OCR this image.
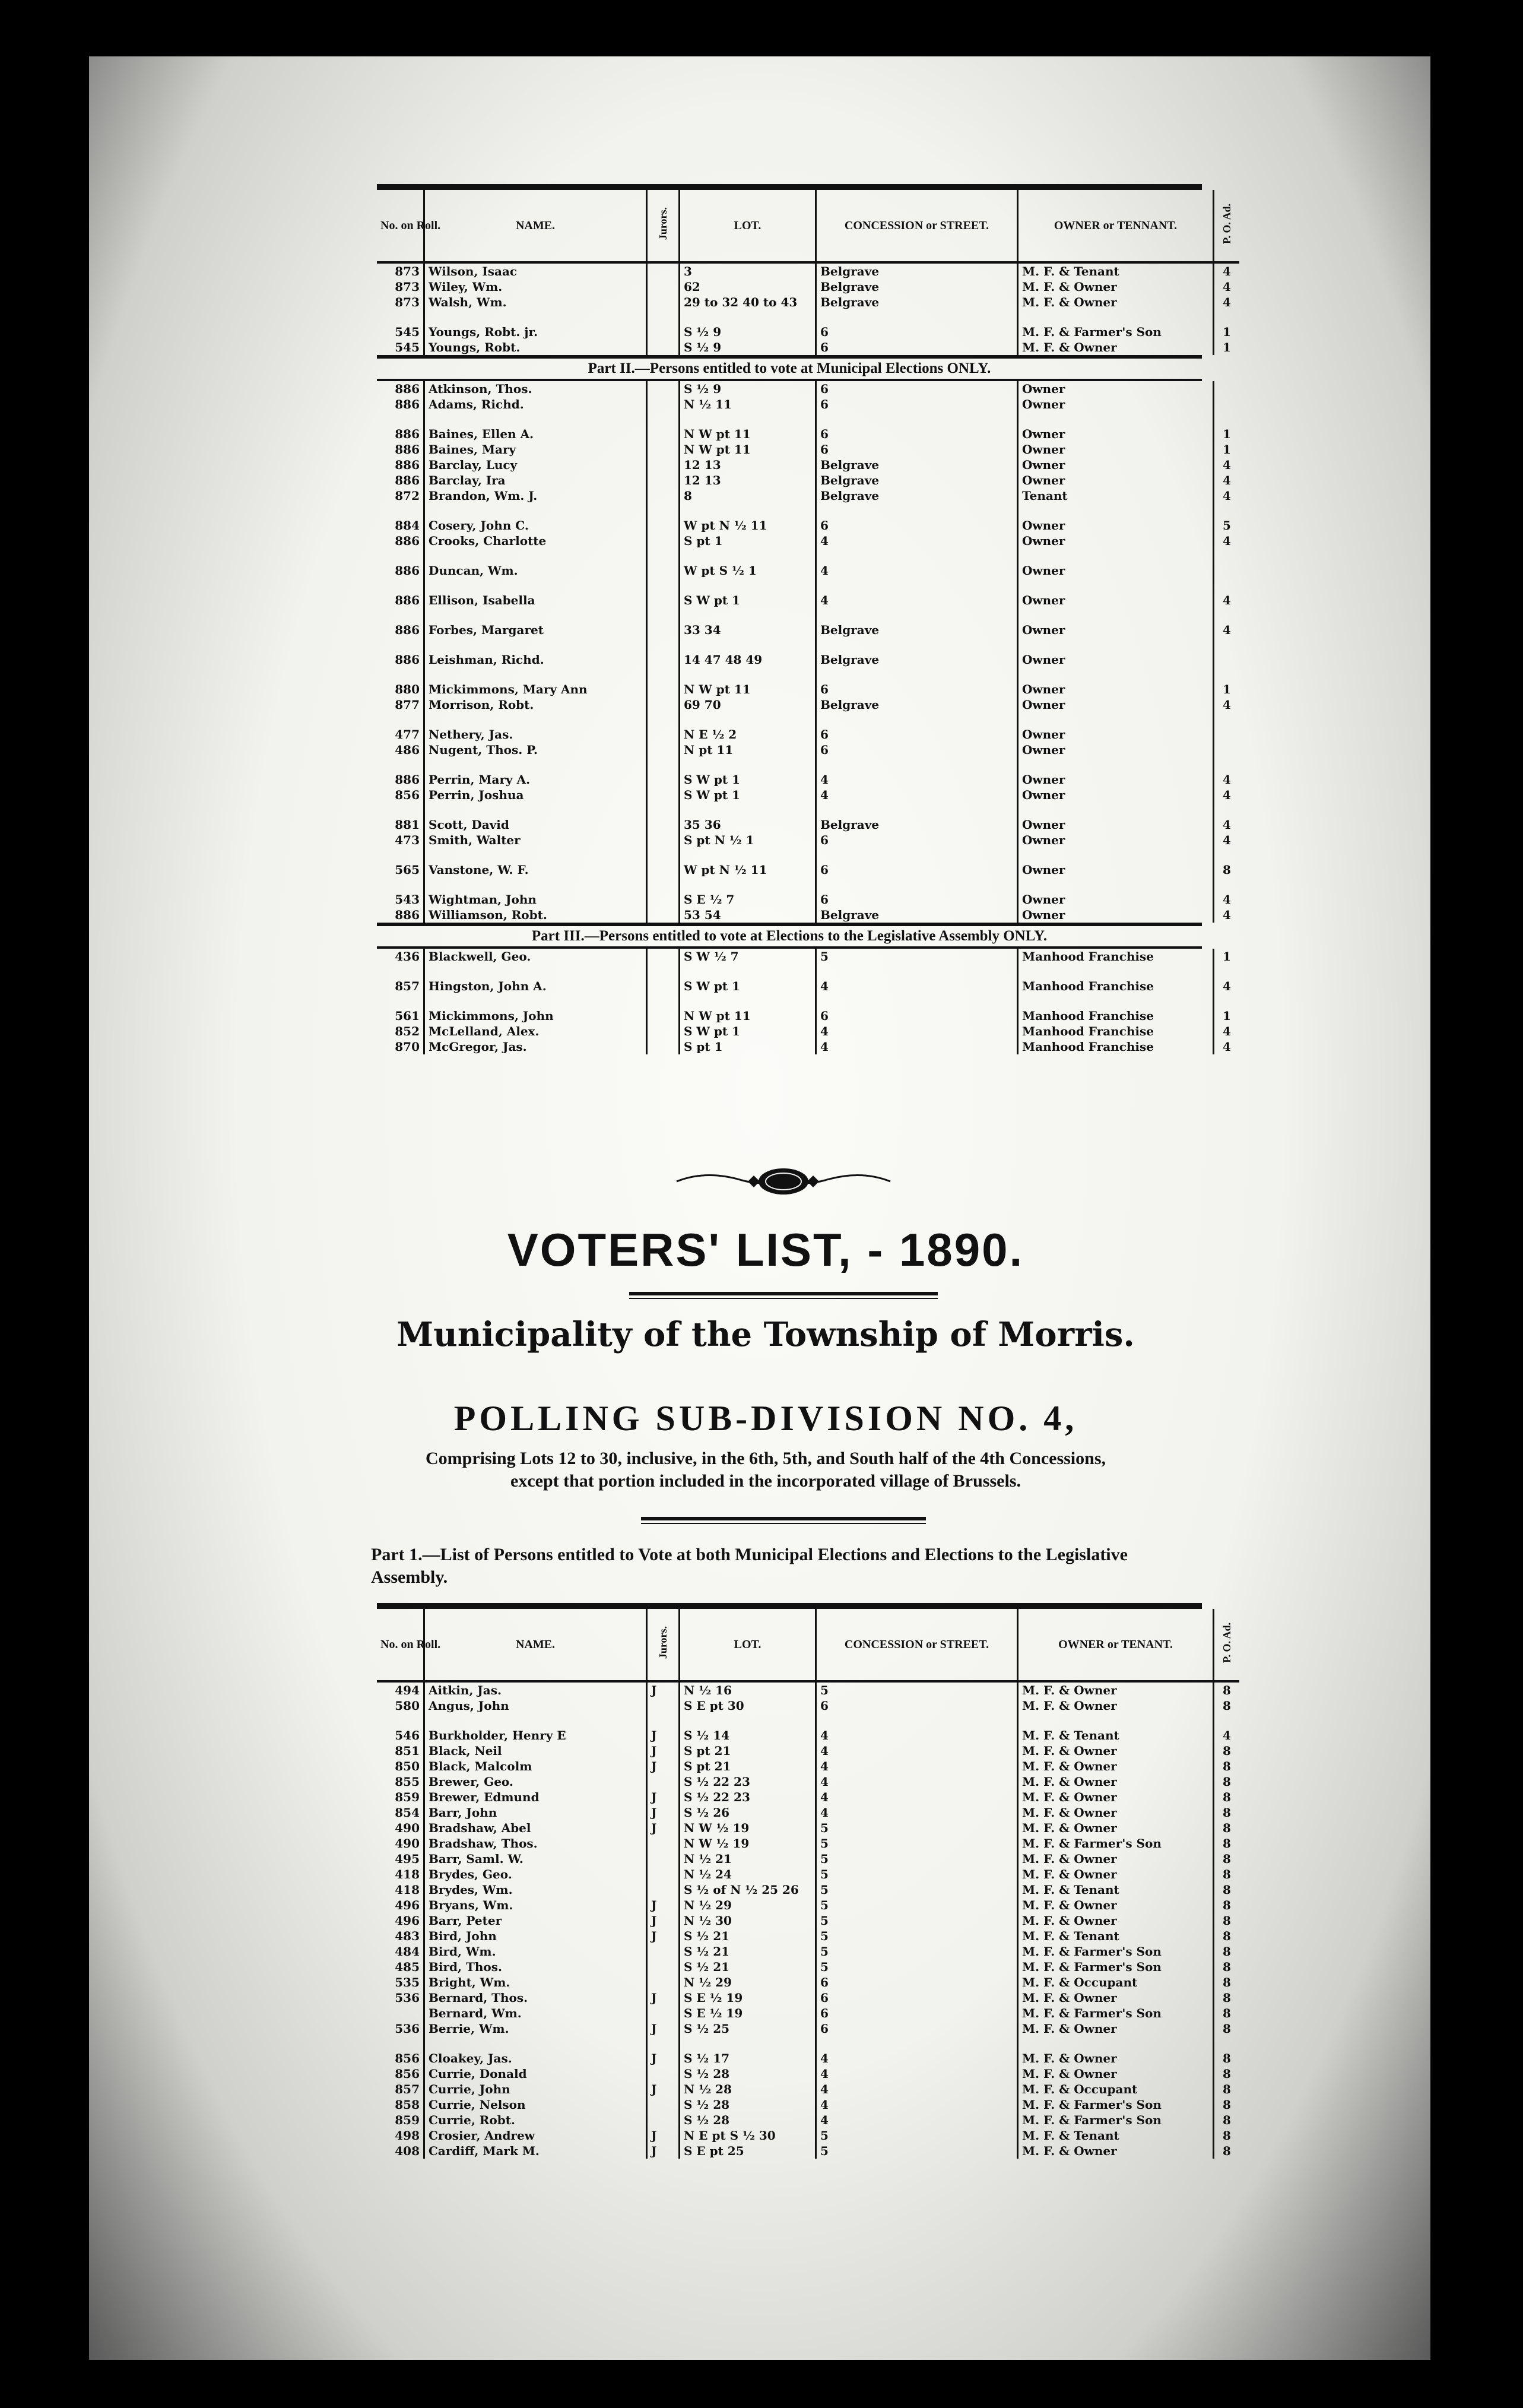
No. on Roll.	NAME.	Jurors.	LOT.	CONCESSION or STREET.	OWNER or TENNANT.	P. O. Ad.
873	Wilson, Isaac		3	Belgrave	M. F. & Tenant	4
873	Wiley, Wm.		62	Belgrave	M. F. & Owner	4
873	Walsh, Wm.		29 to 32 40 to 43	Belgrave	M. F. & Owner	4

545	Youngs, Robt. jr.		S ½ 9	6	M. F. & Farmer's Son	1
545	Youngs, Robt.		S ½ 9	6	M. F. & Owner	1
Part II.—Persons entitled to vote at Municipal Elections ONLY.
886	Atkinson, Thos.		S ½ 9	6	Owner	
886	Adams, Richd.		N ½ 11	6	Owner	

886	Baines, Ellen A.		N W pt 11	6	Owner	1
886	Baines, Mary		N W pt 11	6	Owner	1
886	Barclay, Lucy		12 13	Belgrave	Owner	4
886	Barclay, Ira		12 13	Belgrave	Owner	4
872	Brandon, Wm. J.		8	Belgrave	Tenant	4

884	Cosery, John C.		W pt N ½ 11	6	Owner	5
886	Crooks, Charlotte		S pt 1	4	Owner	4

886	Duncan, Wm.		W pt S ½ 1	4	Owner	

886	Ellison, Isabella		S W pt 1	4	Owner	4

886	Forbes, Margaret		33 34	Belgrave	Owner	4

886	Leishman, Richd.		14 47 48 49	Belgrave	Owner	

880	Mickimmons, Mary Ann		N W pt 11	6	Owner	1
877	Morrison, Robt.		69 70	Belgrave	Owner	4

477	Nethery, Jas.		N E ½ 2	6	Owner	
486	Nugent, Thos. P.		N pt 11	6	Owner	

886	Perrin, Mary A.		S W pt 1	4	Owner	4
856	Perrin, Joshua		S W pt 1	4	Owner	4

881	Scott, David		35 36	Belgrave	Owner	4
473	Smith, Walter		S pt N ½ 1	6	Owner	4

565	Vanstone, W. F.		W pt N ½ 11	6	Owner	8

543	Wightman, John		S E ½ 7	6	Owner	4
886	Williamson, Robt.		53 54	Belgrave	Owner	4
Part III.—Persons entitled to vote at Elections to the Legislative Assembly ONLY.
436	Blackwell, Geo.		S W ½ 7	5	Manhood Franchise	1

857	Hingston, John A.		S W pt 1	4	Manhood Franchise	4

561	Mickimmons, John		N W pt 11	6	Manhood Franchise	1
852	McLelland, Alex.		S W pt 1	4	Manhood Franchise	4
870	McGregor, Jas.		S pt 1	4	Manhood Franchise	4
VOTERS' LIST, - 1890.
Municipality of the Township of Morris.
POLLING SUB-DIVISION NO. 4,
Comprising Lots 12 to 30, inclusive, in the 6th, 5th, and South half of the 4th Concessions,
except that portion included in the incorporated village of Brussels.
Part 1.—List of Persons entitled to Vote at both Municipal Elections and Elections to the Legislative Assembly.
No. on Roll.	NAME.	Jurors.	LOT.	CONCESSION or STREET.	OWNER or TENANT.	P. O. Ad.
494	Aitkin, Jas.	J	N ½ 16	5	M. F. & Owner	8
580	Angus, John		S E pt 30	6	M. F. & Owner	8

546	Burkholder, Henry E	J	S ½ 14	4	M. F. & Tenant	4
851	Black, Neil	J	S pt 21	4	M. F. & Owner	8
850	Black, Malcolm	J	S pt 21	4	M. F. & Owner	8
855	Brewer, Geo.		S ½ 22 23	4	M. F. & Owner	8
859	Brewer, Edmund	J	S ½ 22 23	4	M. F. & Owner	8
854	Barr, John	J	S ½ 26	4	M. F. & Owner	8
490	Bradshaw, Abel	J	N W ½ 19	5	M. F. & Owner	8
490	Bradshaw, Thos.		N W ½ 19	5	M. F. & Farmer's Son	8
495	Barr, Saml. W.		N ½ 21	5	M. F. & Owner	8
418	Brydes, Geo.		N ½ 24	5	M. F. & Owner	8
418	Brydes, Wm.		S ½ of N ½ 25 26	5	M. F. & Tenant	8
496	Bryans, Wm.	J	N ½ 29	5	M. F. & Owner	8
496	Barr, Peter	J	N ½ 30	5	M. F. & Owner	8
483	Bird, John	J	S ½ 21	5	M. F. & Tenant	8
484	Bird, Wm.		S ½ 21	5	M. F. & Farmer's Son	8
485	Bird, Thos.		S ½ 21	5	M. F. & Farmer's Son	8
535	Bright, Wm.		N ½ 29	6	M. F. & Occupant	8
536	Bernard, Thos.	J	S E ½ 19	6	M. F. & Owner	8
	Bernard, Wm.		S E ½ 19	6	M. F. & Farmer's Son	8
536	Berrie, Wm.	J	S ½ 25	6	M. F. & Owner	8

856	Cloakey, Jas.	J	S ½ 17	4	M. F. & Owner	8
856	Currie, Donald		S ½ 28	4	M. F. & Owner	8
857	Currie, John	J	N ½ 28	4	M. F. & Occupant	8
858	Currie, Nelson		S ½ 28	4	M. F. & Farmer's Son	8
859	Currie, Robt.		S ½ 28	4	M. F. & Farmer's Son	8
498	Crosier, Andrew	J	N E pt S ½ 30	5	M. F. & Tenant	8
408	Cardiff, Mark M.	J	S E pt 25	5	M. F. & Owner	8
